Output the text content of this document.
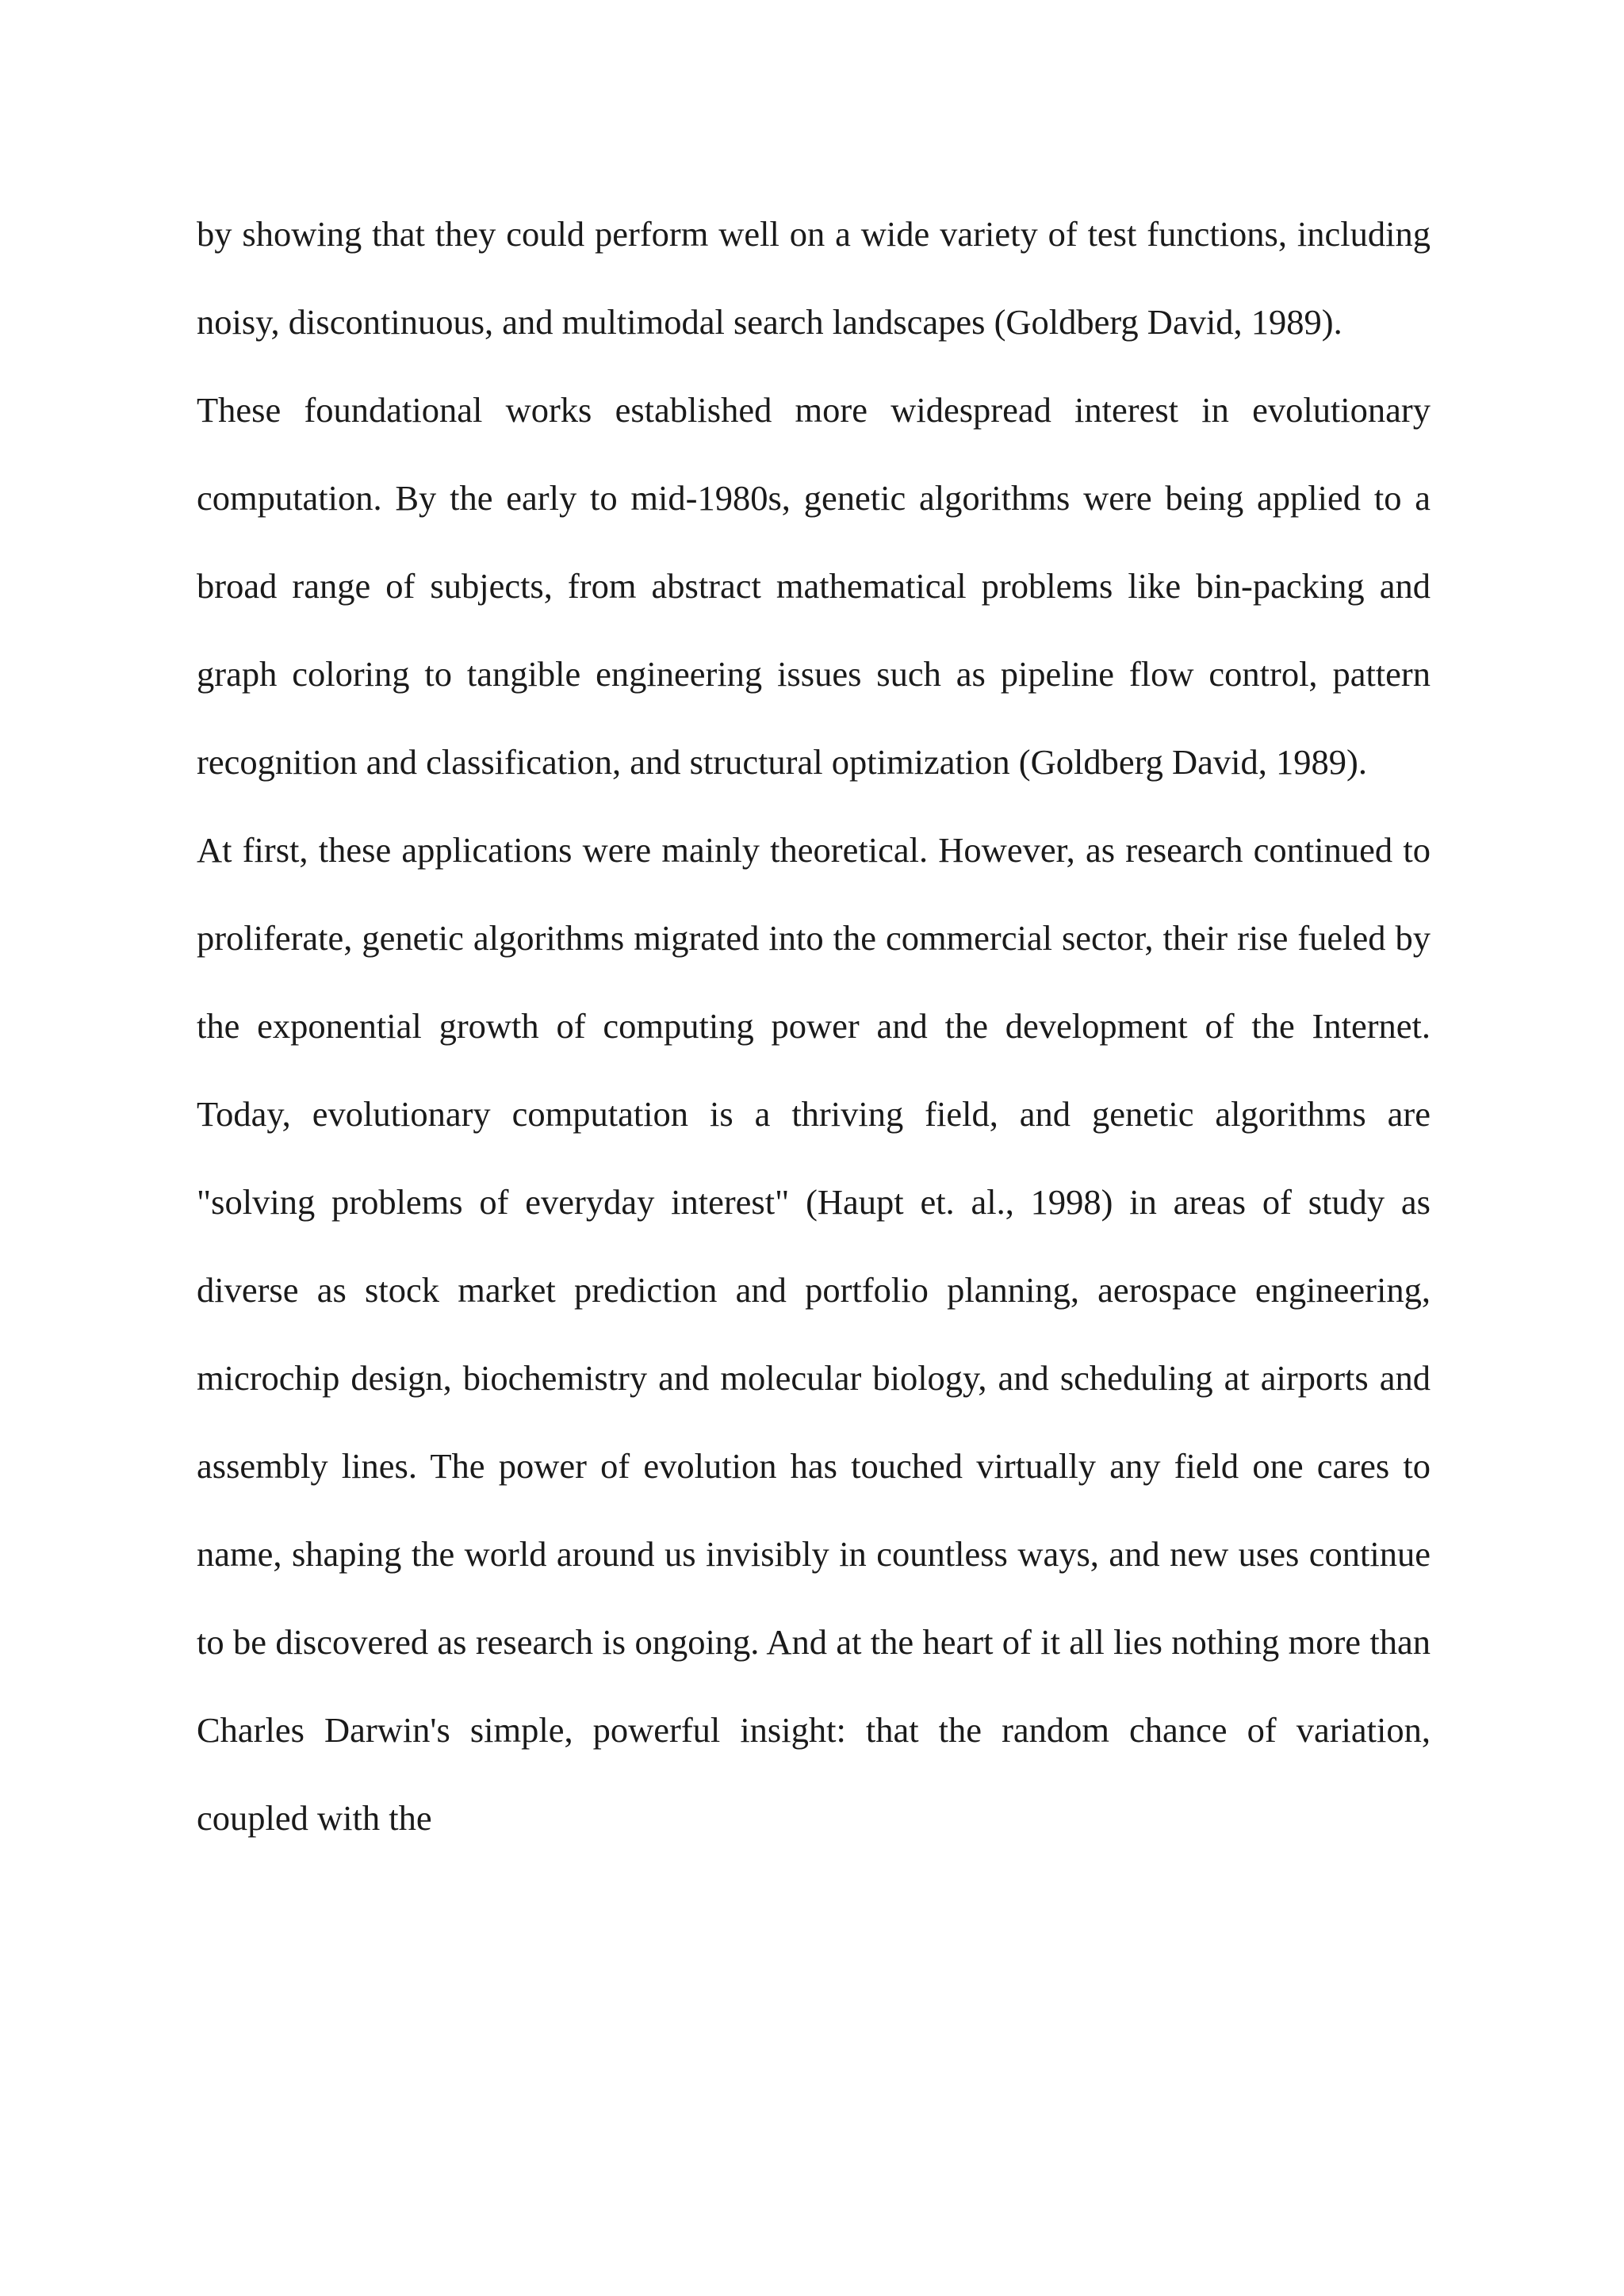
by showing that they could perform well on a wide variety of test functions, including noisy, discontinuous, and multimodal search landscapes (Goldberg David, 1989).

These foundational works established more widespread interest in evolutionary computation. By the early to mid-1980s, genetic algorithms were being applied to a broad range of subjects, from abstract mathematical problems like bin-packing and graph coloring to tangible engineering issues such as pipeline flow control, pattern recognition and classification, and structural optimization (Goldberg David, 1989).

At first, these applications were mainly theoretical. However, as research continued to proliferate, genetic algorithms migrated into the commercial sector, their rise fueled by the exponential growth of computing power and the development of the Internet. Today, evolutionary computation is a thriving field, and genetic algorithms are "solving problems of everyday interest" (Haupt et. al., 1998) in areas of study as diverse as stock market prediction and portfolio planning, aerospace engineering, microchip design, biochemistry and molecular biology, and scheduling at airports and assembly lines. The power of evolution has touched virtually any field one cares to name, shaping the world around us invisibly in countless ways, and new uses continue to be discovered as research is ongoing. And at the heart of it all lies nothing more than Charles Darwin's simple, powerful insight: that the random chance of variation, coupled with the
